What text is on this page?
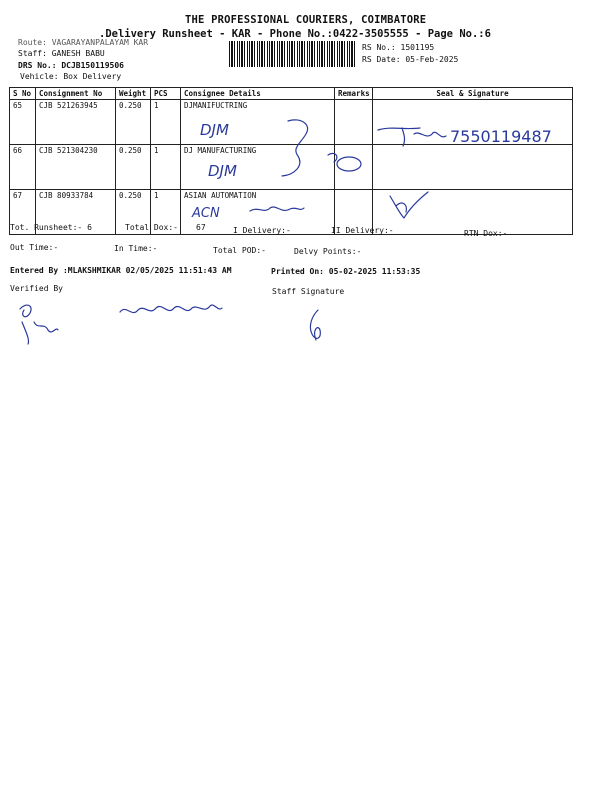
THE PROFESSIONAL COURIERS, COIMBATORE
.Delivery Runsheet - KAR - Phone No.:0422-3505555 - Page No.:6
Route: VAGARAYANPALAYAM KAR
Staff: GANESH BABU
DRS No.: DCJB150119506
Vehicle: Box Delivery
RS No.: 1501195
RS Date: 05-Feb-2025
S No	Consignment No	Weight	PCS	Consignee Details	Remarks	Seal & Signature
65	CJB 521263945	0.250	1	DJMANIFUCTRING		
66	CJB 521304230	0.250	1	DJ MANUFACTURING		
67	CJB 80933784	0.250	1	ASIAN AUTOMATION		
DJM	7550119487
DJM
ACN
Tot. Runsheet:- 6	Total Dox:- 67	I Delivery:-	II Delivery:-	RTN Dox:-
Out Time:-	In Time:-	Total POD:-	Delvy Points:-
Entered By :MLAKSHMIKAR 02/05/2025 11:51:43 AM	Printed On: 05-02-2025 11:53:35
Verified By	Staff Signature
